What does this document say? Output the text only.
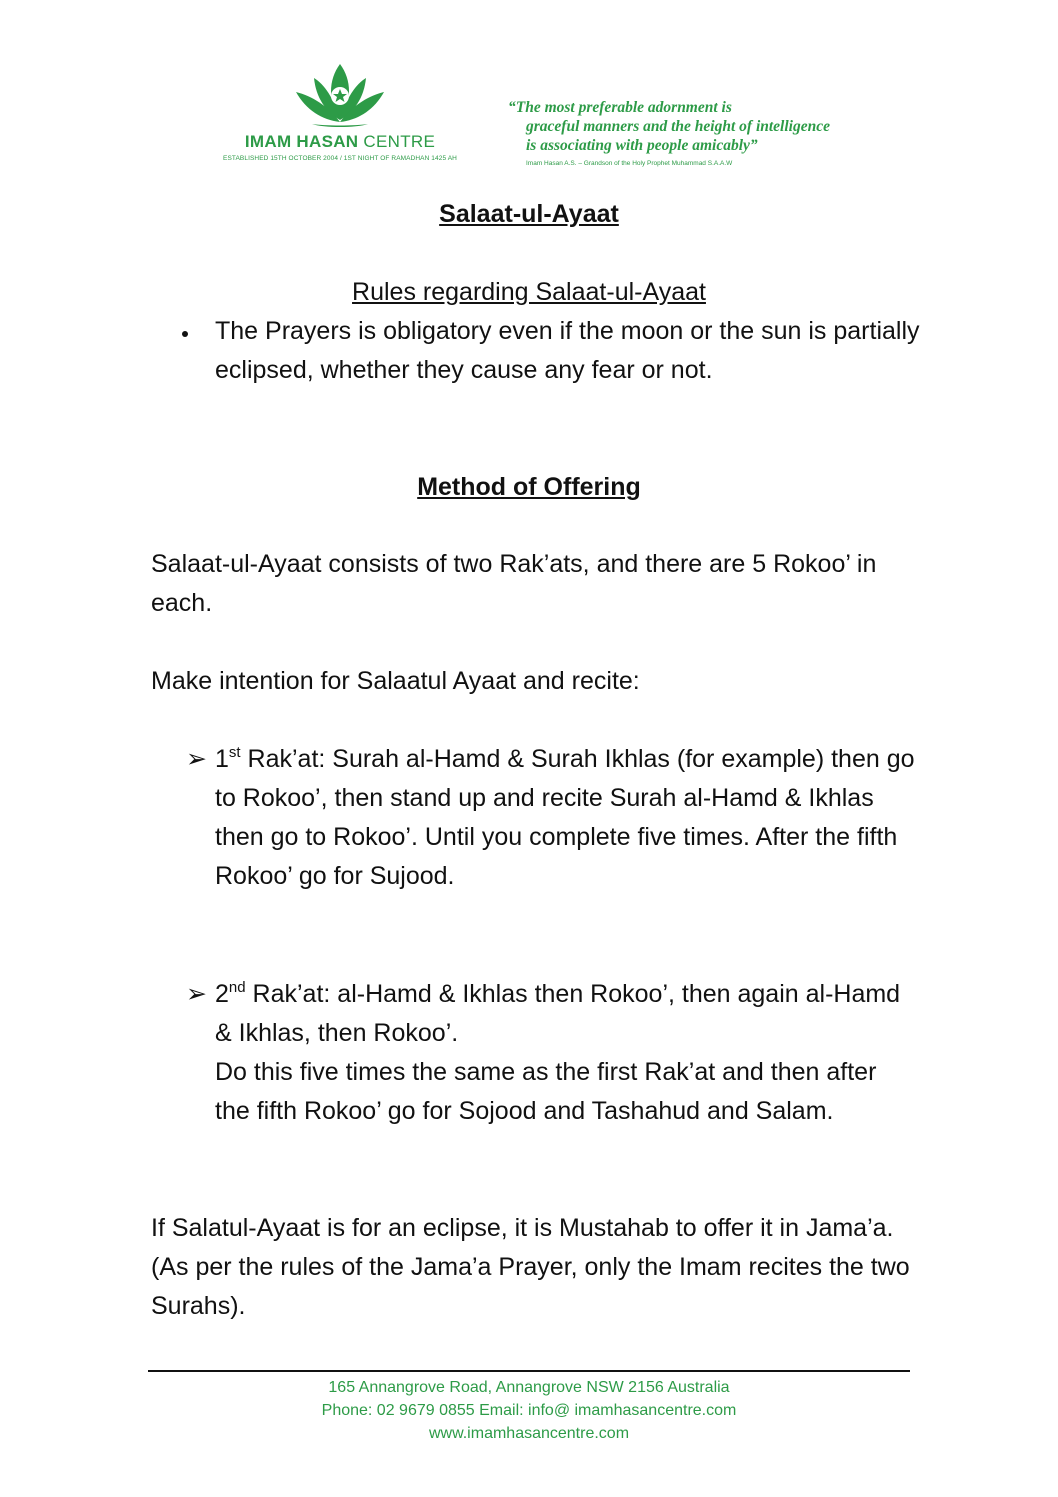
IMAM HASAN CENTRE
ESTABLISHED 15TH OCTOBER 2004 / 1ST NIGHT OF RAMADHAN 1425 AH
“The most preferable adornment is
graceful manners and the height of intelligence
is associating with people amicably”
Imam Hasan A.S. – Grandson of the Holy Prophet Muhammad S.A.A.W
Salaat-ul-Ayaat
Rules regarding Salaat-ul-Ayaat
The Prayers is obligatory even if the moon or the sun is partially eclipsed, whether they cause any fear or not.
Method of Offering
Salaat-ul-Ayaat consists of two Rak’ats, and there are 5 Rokoo’ in each.
Make intention for Salaatul Ayaat and recite:
➢ 1st Rak’at: Surah al-Hamd & Surah Ikhlas (for example) then go to Rokoo’, then stand up and recite Surah al-Hamd & Ikhlas then go to Rokoo’. Until you complete five times. After the fifth Rokoo’ go for Sujood.
➢ 2nd Rak’at: al-Hamd & Ikhlas then Rokoo’, then again al-Hamd & Ikhlas, then Rokoo’.
Do this five times the same as the first Rak’at and then after the fifth Rokoo’ go for Sojood and Tashahud and Salam.
If Salatul-Ayaat is for an eclipse, it is Mustahab to offer it in Jama’a. (As per the rules of the Jama’a Prayer, only the Imam recites the two Surahs).
165 Annangrove Road, Annangrove NSW 2156 Australia
Phone: 02 9679 0855 Email: info@ imamhasancentre.com
www.imamhasancentre.com
